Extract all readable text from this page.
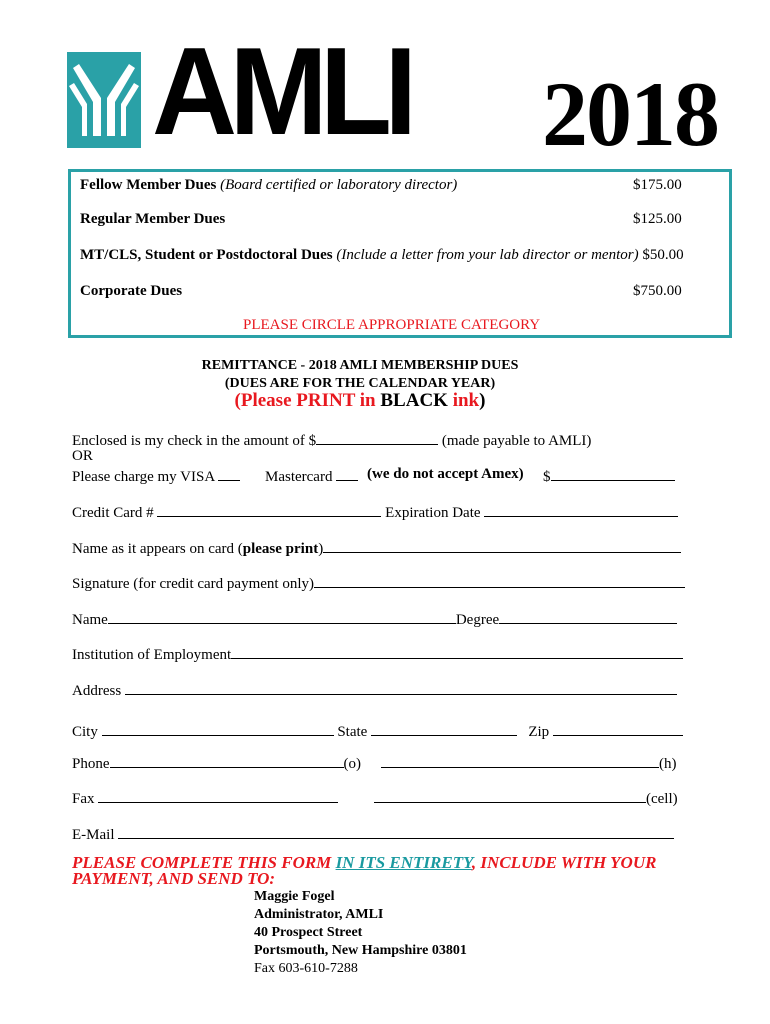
AMLI 2018
Fellow Member Dues (Board certified or laboratory director)	$175.00
Regular Member Dues	$125.00
MT/CLS, Student or Postdoctoral Dues (Include a letter from your lab director or mentor) $50.00
Corporate Dues	$750.00
PLEASE CIRCLE APPROPRIATE CATEGORY
REMITTANCE - 2018 AMLI MEMBERSHIP DUES
(DUES ARE FOR THE CALENDAR YEAR)
(Please PRINT in BLACK ink)
Enclosed is my check in the amount of $	(made payable to AMLI)
OR
Please charge my VISA	Mastercard	(we do not accept Amex) $
Credit Card #	Expiration Date
Name as it appears on card (please print)
Signature (for credit card payment only)
Name	Degree
Institution of Employment
Address
City	State	Zip
Phone	(o)	(h)
Fax	(cell)
E-Mail
PLEASE COMPLETE THIS FORM IN ITS ENTIRETY, INCLUDE WITH YOUR PAYMENT, AND SEND TO:
Maggie Fogel
Administrator, AMLI
40 Prospect Street
Portsmouth, New Hampshire 03801
Fax 603-610-7288
